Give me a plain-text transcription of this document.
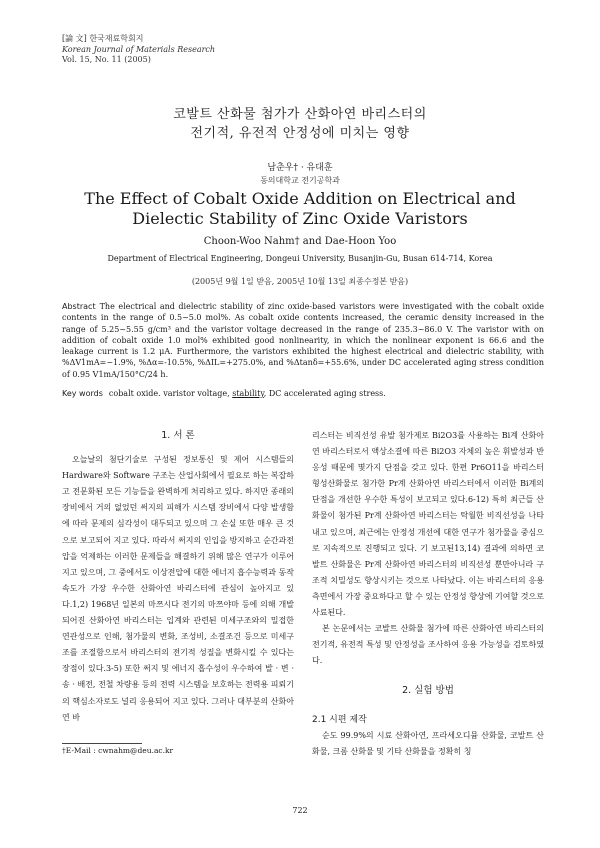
[論 文] 한국재료학회지
Korean Journal of Materials Research
Vol. 15, No. 11 (2005)
코발트 산화물 첨가가 산화아연 바리스터의
전기적, 유전적 안정성에 미치는 영향
남춘우† · 유대훈
동의대학교 전기공학과
The Effect of Cobalt Oxide Addition on Electrical and
Dielectic Stability of Zinc Oxide Varistors
Choon-Woo Nahm† and Dae-Hoon Yoo
Department of Electrical Engineering, Dongeui University, Busanjin-Gu, Busan 614-714, Korea
(2005년 9월 1일 받음, 2005년 10월 13일 최종수정본 받음)
Abstract The electrical and dielectric stability of zinc oxide-based varistors were investigated with the cobalt oxide contents in the range of 0.5~5.0 mol%. As cobalt oxide contents increased, the ceramic density increased in the range of 5.25~5.55 g/cm³ and the varistor voltage decreased in the range of 235.3~86.0 V. The varistor with on addition of cobalt oxide 1.0 mol% exhibited good nonlinearity, in which the nonlinear exponent is 66.6 and the leakage current is 1.2 μA. Furthermore, the varistors exhibited the highest electrical and dielectric stability, with %ΔV1mA=−1.9%, %Δα=-10.5%, %ΔIL=+275.0%, and %Δtanδ=+55.6%, under DC accelerated aging stress condition of 0.95 V1mA/150°C/24 h.
Key words cobalt oxide. varistor voltage, stability, DC accelerated aging stress.
1. 서 론

오늘날의 첨단기술로 구성된 정보통신 및 제어 시스템들의 Hardware와 Software 구조는 산업사회에서 필요로 하는 복잡하고 전문화된 모든 기능들을 완벽하게 처리하고 있다. 하지만 종래의 장비에서 거의 없었던 써지의 피해가 시스템 장비에서 다양 발생함에 따라 문제의 심각성이 대두되고 있으며 그 손실 또한 매우 큰 것으로 보고되어 지고 있다. 따라서 써지의 인입을 방지하고 순간과전압을 억제하는 이러한 문제들을 해결하기 위해 많은 연구가 이루어지고 있으며, 그 중에서도 이상전압에 대한 에너지 흡수능력과 동작속도가 가장 우수한 산화아연 바리스터에 관심이 높아지고 있다.1,2) 1968년 일본의 마쯔시다 전기의 마쯔야마 등에 의해 개발되어진 산화아연 바리스터는 입계와 관련된 미세구조와의 밀접한 연관성으로 인해, 첨가물의 변화, 조성비, 소결조건 등으로 미세구조를 조절함으로서 바리스터의 전기적 성질을 변화시킬 수 있다는 장점이 있다.3-5) 또한 써지 및 에너지 흡수성이 우수하여 발 · 변 · 송 · 배전, 전철 차량용 등의 전력 시스템을 보호하는 전력용 피뢰기의 핵심소자로도 널리 응용되어 지고 있다. 그러나 대부분의 산화아연 바

리스터는 비직선성 유발 첨가제로 Bi2O3를 사용하는 Bi계 산화아연 바리스터로서 액상소결에 따른 Bi2O3 자체의 높은 휘발성과 반응성 때문에 몇가지 단점을 갖고 있다. 한편 Pr6O11을 바리스터 형성산화물로 첨가한 Pr계 산화아연 바리스터에서 이러한 Bi계의 단점을 개선한 우수한 특성이 보고되고 있다.6-12) 특히 최근들 산화물이 첨가된 Pr계 산화아연 바리스터는 탁월한 비직선성을 나타내고 있으며, 최근에는 안정성 개선에 대한 연구가 첨가물을 중심으로 지속적으로 진행되고 있다. 기 보고된13,14) 결과에 의하면 코발트 산화물은 Pr계 산화아연 바리스터의 비직선성 뿐만아니라 구조적 치밀성도 향상시키는 것으로 나타났다. 이는 바리스터의 응용측면에서 가장 중요하다고 할 수 있는 안정성 향상에 기여할 것으로 사료된다.

본 논문에서는 코발트 산화물 첨가에 따른 산화아연 바리스터의 전기적, 유전적 특성 및 안정성을 조사하여 응용 가능성을 검토하였다.

2. 실험 방법
2.1 시편 제작

순도 99.9%의 시료 산화아연, 프라세오디뮴 산화물, 코발트 산화물, 크롬 산화물 및 기타 산화물을 정확히 칭

†E-Mail : cwnahm@deu.ac.kr
722
